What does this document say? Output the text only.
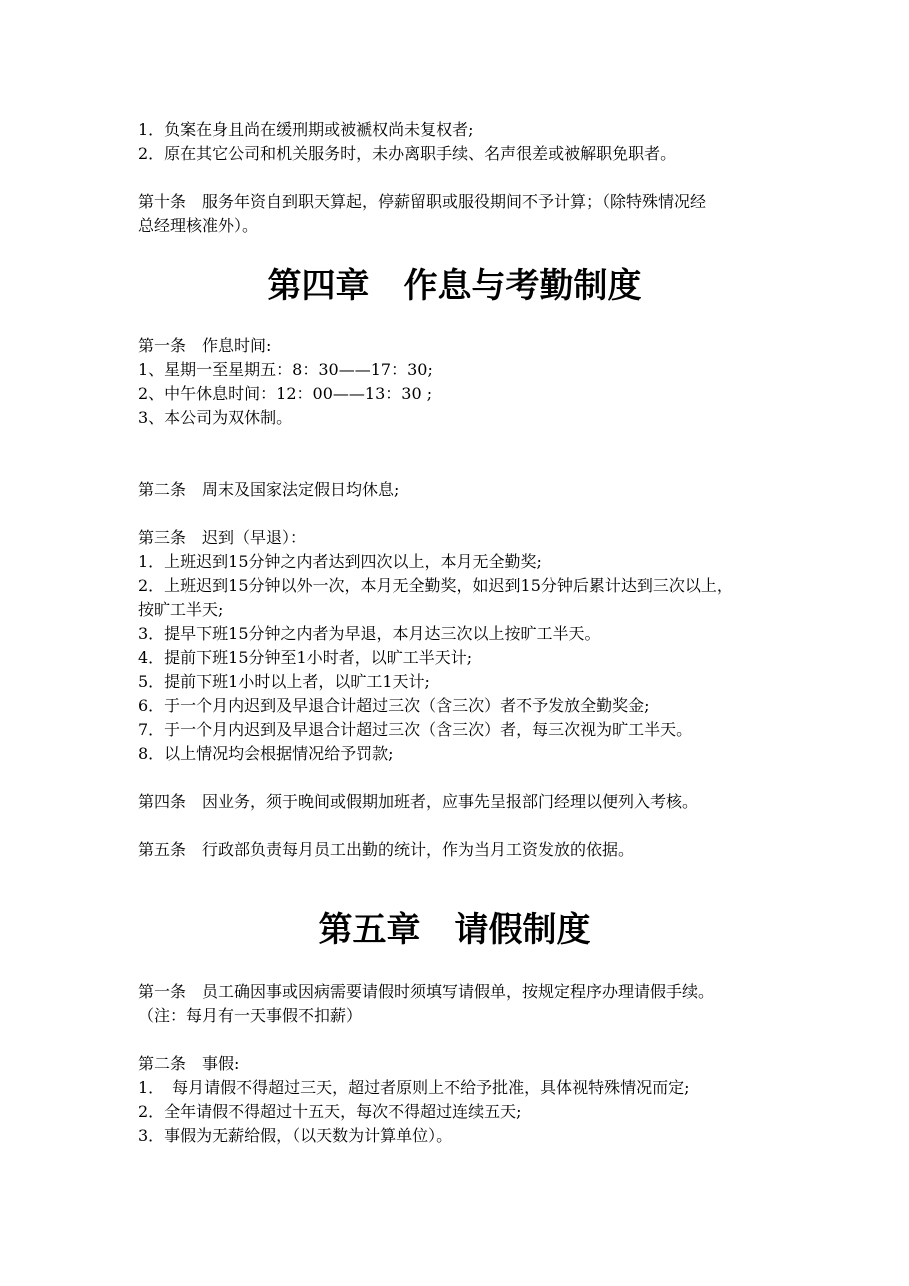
1．负案在身且尚在缓刑期或被褫权尚未复权者;
2．原在其它公司和机关服务时，未办离职手续、名声很差或被解职免职者。
第十条　服务年资自到职天算起，停薪留职或服役期间不予计算；（除特殊情况经
总经理核准外）。
第四章　作息与考勤制度
第一条　作息时间:
1、星期一至星期五：8：30——17：30;
2、中午休息时间：12：00——13：30 ;
3、本公司为双休制。
第二条　周末及国家法定假日均休息;
第三条　迟到（早退）：
1．上班迟到15分钟之内者达到四次以上，本月无全勤奖;
2．上班迟到15分钟以外一次，本月无全勤奖，如迟到15分钟后累计达到三次以上，
按旷工半天;
3．提早下班15分钟之内者为早退，本月达三次以上按旷工半天。
4．提前下班15分钟至1小时者，以旷工半天计;
5．提前下班1小时以上者，以旷工1天计;
6．于一个月内迟到及早退合计超过三次（含三次）者不予发放全勤奖金;
7．于一个月内迟到及早退合计超过三次（含三次）者，每三次视为旷工半天。
8．以上情况均会根据情况给予罚款;
第四条　因业务，须于晚间或假期加班者，应事先呈报部门经理以便列入考核。
第五条　行政部负责每月员工出勤的统计，作为当月工资发放的依据。
第五章　请假制度
第一条　员工确因事或因病需要请假时须填写请假单，按规定程序办理请假手续。
（注：每月有一天事假不扣薪）
第二条　事假:
1．　每月请假不得超过三天，超过者原则上不给予批准，具体视特殊情况而定;
2．全年请假不得超过十五天，每次不得超过连续五天;
3．事假为无薪给假，（以天数为计算单位）。
